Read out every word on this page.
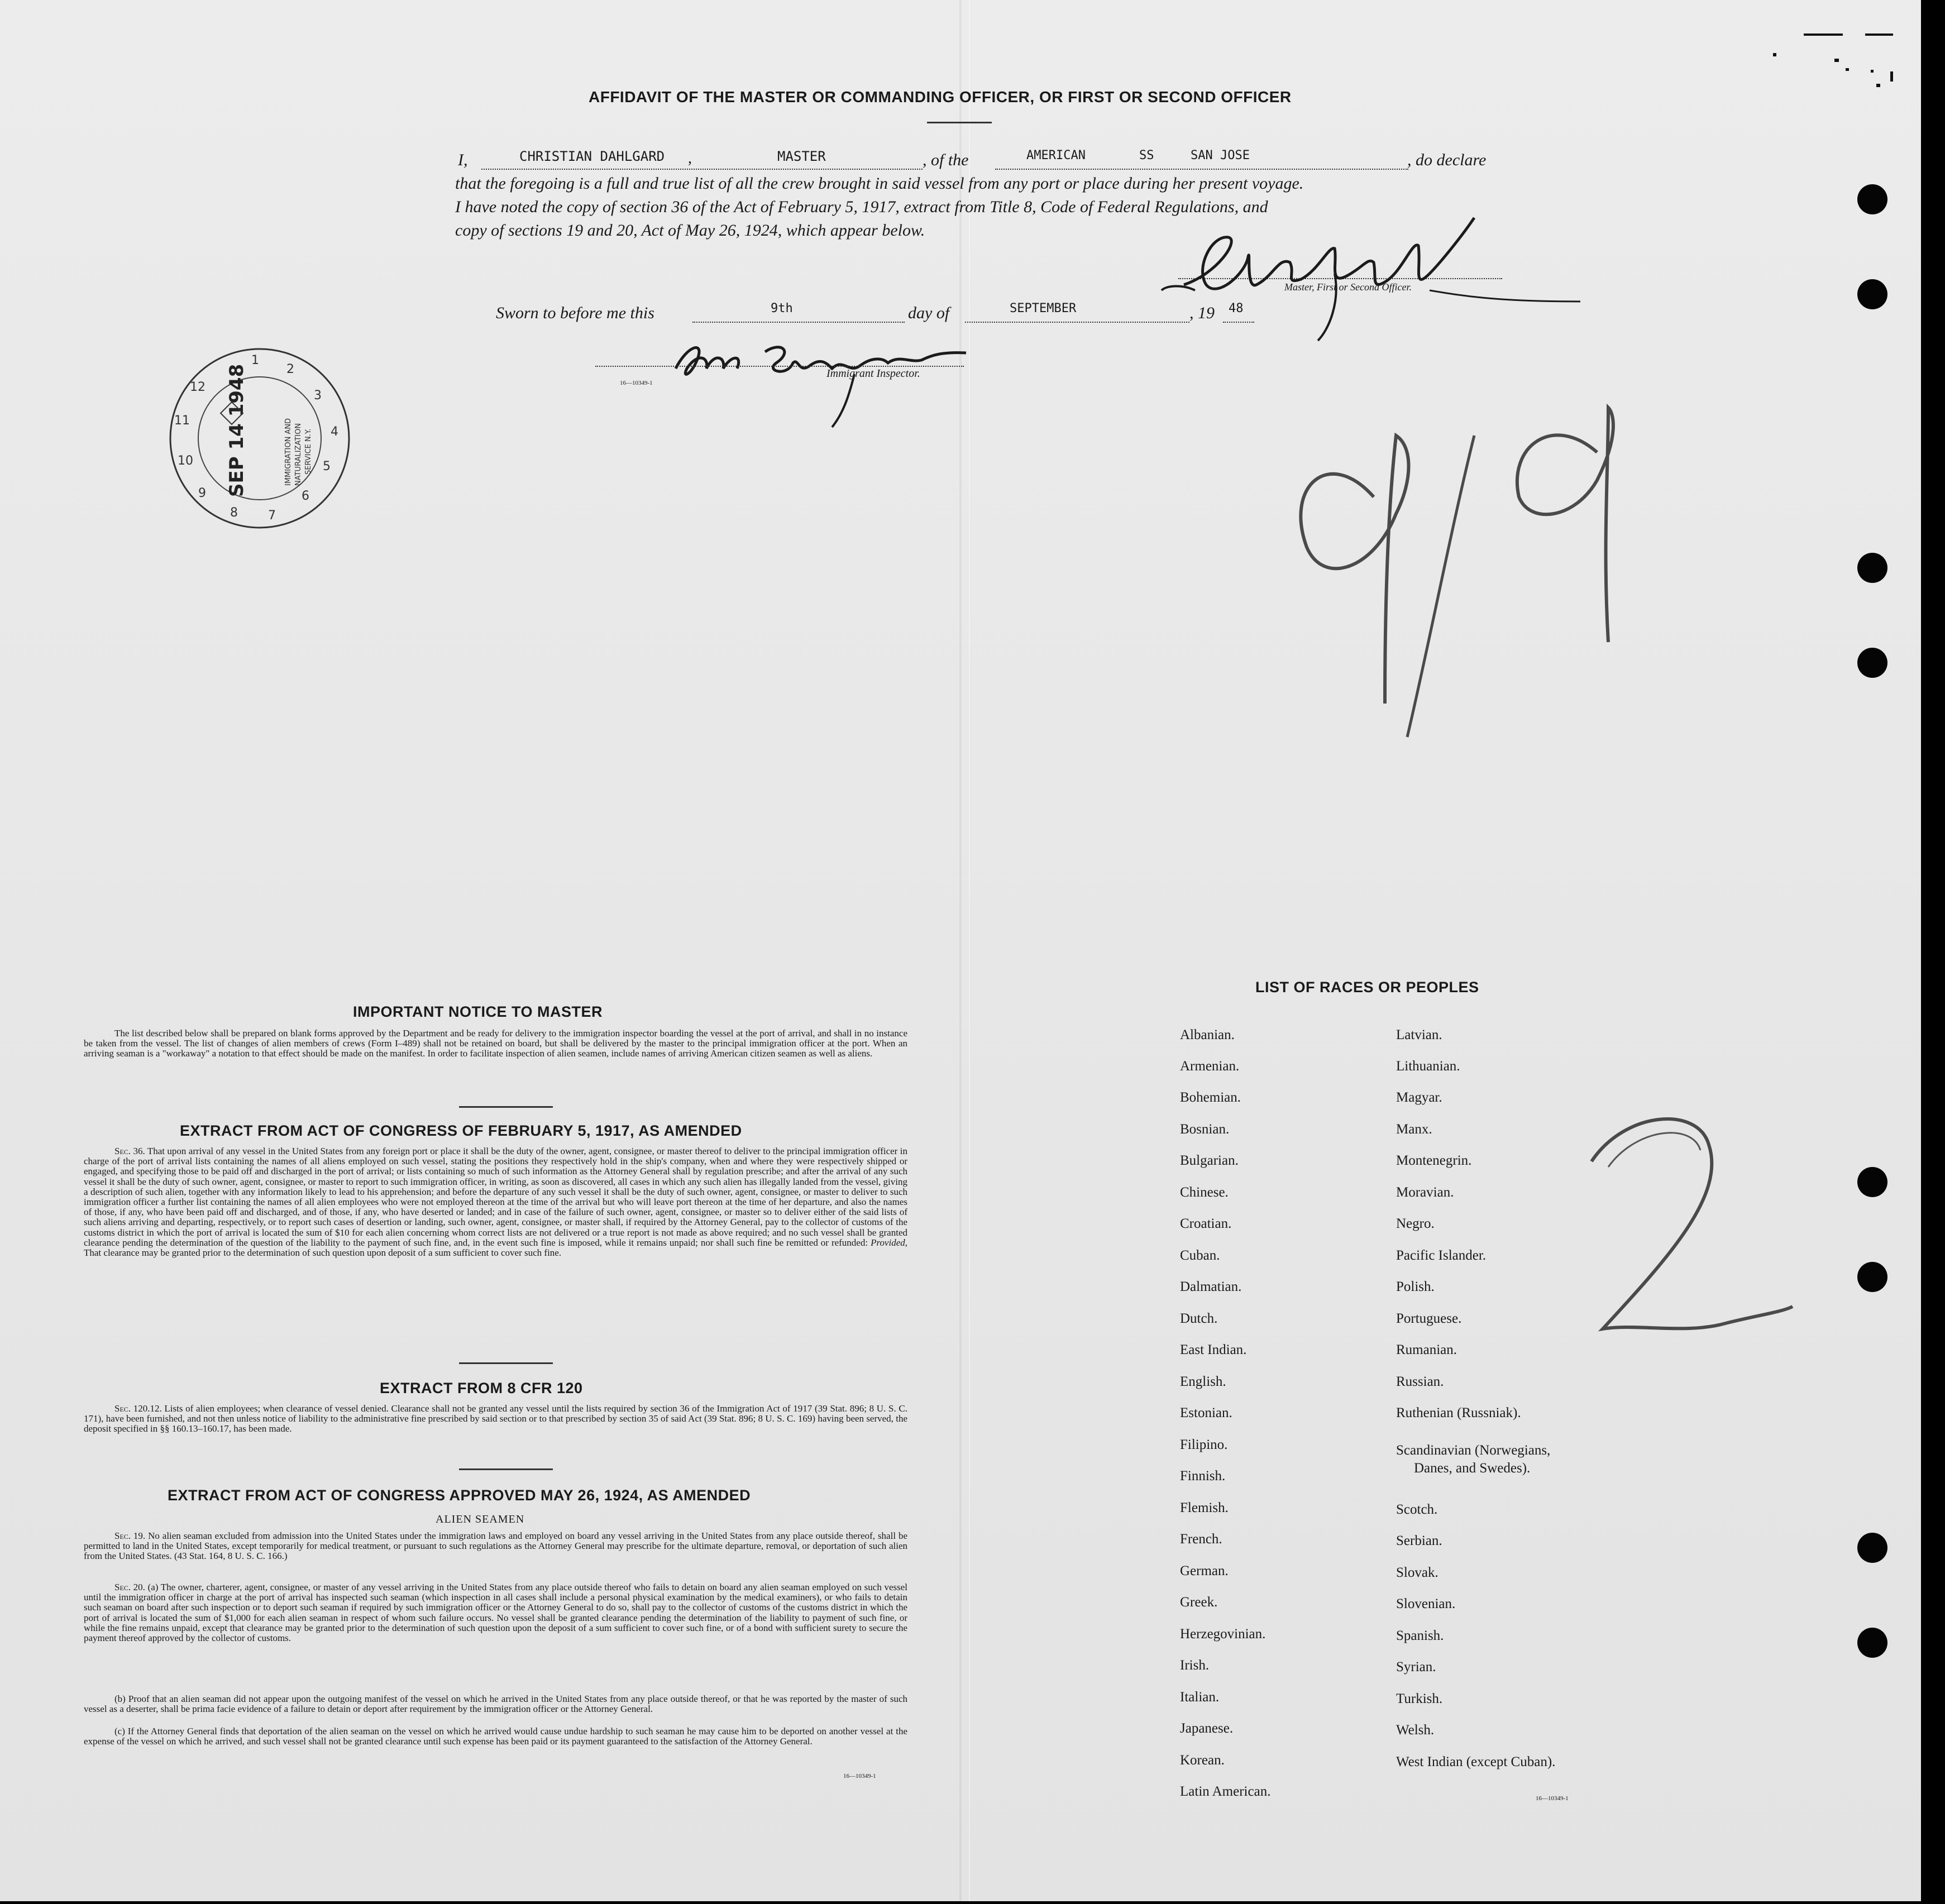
AFFIDAVIT OF THE MASTER OR COMMANDING OFFICER, OR FIRST OR SECOND OFFICER
I,	CHRISTIAN DAHLGARD ,	MASTER	, of the	AMERICAN	SS	SAN JOSE	, do declare
that the foregoing is a full and true list of all the crew brought in said vessel from any port or place during her present voyage.
I have noted the copy of section 36 of the Act of February 5, 1917, extract from Title 8, Code of Federal Regulations, and
copy of sections 19 and 20, Act of May 26, 1924, which appear below.
Master, First or Second Officer.
Sworn to before me this	9th	day of	SEPTEMBER	, 19 48
Immigrant Inspector.
16—10349-1
1
2
3
4
5
6
7
8
9
10
11
12 SEP 14 1948	IMMIGRATION AND NATURALIZATION SERVICE N.Y.
IMPORTANT NOTICE TO MASTER
The list described below shall be prepared on blank forms approved by the Department and be ready for delivery to the immigration inspector boarding the vessel at the port of arrival, and shall in no instance be taken from the vessel. The list of changes of alien members of crews (Form I–489) shall not be retained on board, but shall be delivered by the master to the principal immigration officer at the port. When an arriving seaman is a "workaway" a notation to that effect should be made on the manifest. In order to facilitate inspection of alien seamen, include names of arriving American citizen seamen as well as aliens.
EXTRACT FROM ACT OF CONGRESS OF FEBRUARY 5, 1917, AS AMENDED
Sec. 36. That upon arrival of any vessel in the United States from any foreign port or place it shall be the duty of the owner, agent, consignee, or master thereof to deliver to the principal immigration officer in charge of the port of arrival lists containing the names of all aliens employed on such vessel, stating the positions they respectively hold in the ship's company, when and where they were respectively shipped or engaged, and specifying those to be paid off and discharged in the port of arrival; or lists containing so much of such information as the Attorney General shall by regulation prescribe; and after the arrival of any such vessel it shall be the duty of such owner, agent, consignee, or master to report to such immigration officer, in writing, as soon as discovered, all cases in which any such alien has illegally landed from the vessel, giving a description of such alien, together with any information likely to lead to his apprehension; and before the departure of any such vessel it shall be the duty of such owner, agent, consignee, or master to deliver to such immigration officer a further list containing the names of all alien employees who were not employed thereon at the time of the arrival but who will leave port thereon at the time of her departure, and also the names of those, if any, who have been paid off and discharged, and of those, if any, who have deserted or landed; and in case of the failure of such owner, agent, consignee, or master so to deliver either of the said lists of such aliens arriving and departing, respectively, or to report such cases of desertion or landing, such owner, agent, consignee, or master shall, if required by the Attorney General, pay to the collector of customs of the customs district in which the port of arrival is located the sum of $10 for each alien concerning whom correct lists are not delivered or a true report is not made as above required; and no such vessel shall be granted clearance pending the determination of the question of the liability to the payment of such fine, and, in the event such fine is imposed, while it remains unpaid; nor shall such fine be remitted or refunded: Provided, That clearance may be granted prior to the determination of such question upon deposit of a sum sufficient to cover such fine.
EXTRACT FROM 8 CFR 120
Sec. 120.12. Lists of alien employees; when clearance of vessel denied. Clearance shall not be granted any vessel until the lists required by section 36 of the Immigration Act of 1917 (39 Stat. 896; 8 U. S. C. 171), have been furnished, and not then unless notice of liability to the administrative fine prescribed by said section or to that prescribed by section 35 of said Act (39 Stat. 896; 8 U. S. C. 169) having been served, the deposit specified in §§ 160.13–160.17, has been made.
EXTRACT FROM ACT OF CONGRESS APPROVED MAY 26, 1924, AS AMENDED
ALIEN SEAMEN
Sec. 19. No alien seaman excluded from admission into the United States under the immigration laws and employed on board any vessel arriving in the United States from any place outside thereof, shall be permitted to land in the United States, except temporarily for medical treatment, or pursuant to such regulations as the Attorney General may prescribe for the ultimate departure, removal, or deportation of such alien from the United States. (43 Stat. 164, 8 U. S. C. 166.)
Sec. 20. (a) The owner, charterer, agent, consignee, or master of any vessel arriving in the United States from any place outside thereof who fails to detain on board any alien seaman employed on such vessel until the immigration officer in charge at the port of arrival has inspected such seaman (which inspection in all cases shall include a personal physical examination by the medical examiners), or who fails to detain such seaman on board after such inspection or to deport such seaman if required by such immigration officer or the Attorney General to do so, shall pay to the collector of customs of the customs district in which the port of arrival is located the sum of $1,000 for each alien seaman in respect of whom such failure occurs. No vessel shall be granted clearance pending the determination of the liability to payment of such fine, or while the fine remains unpaid, except that clearance may be granted prior to the determination of such question upon the deposit of a sum sufficient to cover such fine, or of a bond with sufficient surety to secure the payment thereof approved by the collector of customs.
(b) Proof that an alien seaman did not appear upon the outgoing manifest of the vessel on which he arrived in the United States from any place outside thereof, or that he was reported by the master of such vessel as a deserter, shall be prima facie evidence of a failure to detain or deport after requirement by the immigration officer or the Attorney General.
(c) If the Attorney General finds that deportation of the alien seaman on the vessel on which he arrived would cause undue hardship to such seaman he may cause him to be deported on another vessel at the expense of the vessel on which he arrived, and such vessel shall not be granted clearance until such expense has been paid or its payment guaranteed to the satisfaction of the Attorney General.
16—10349-1
LIST OF RACES OR PEOPLES
Albanian.
Armenian.
Bohemian.
Bosnian.
Bulgarian.
Chinese.
Croatian.
Cuban.
Dalmatian.
Dutch.
East Indian.
English.
Estonian.
Filipino.
Finnish.
Flemish.
French.
German.
Greek.
Herzegovinian.
Irish.
Italian.
Japanese.
Korean.
Latin American.
Latvian.
Lithuanian.
Magyar.
Manx.
Montenegrin.
Moravian.
Negro.
Pacific Islander.
Polish.
Portuguese.
Rumanian.
Russian.
Ruthenian (Russniak).
Scandinavian (Norwegians,
Danes, and Swedes).
Scotch.
Serbian.
Slovak.
Slovenian.
Spanish.
Syrian.
Turkish.
Welsh.
West Indian (except Cuban).
16—10349-1
